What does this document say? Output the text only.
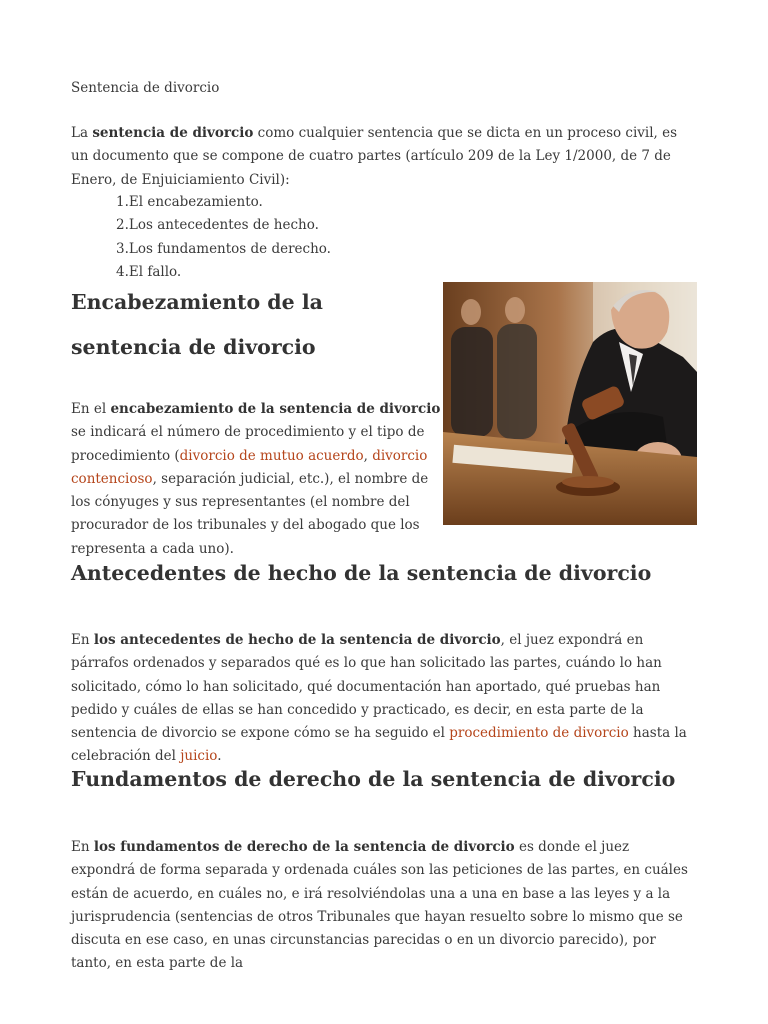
Sentencia de divorcio

La sentencia de divorcio como cualquier sentencia que se dicta en un proceso civil, es un documento que se compone de cuatro partes (artículo 209 de la Ley 1/2000, de 7 de Enero, de Enjuiciamiento Civil):

1.El encabezamiento.
2.Los antecedentes de hecho.
3.Los fundamentos de derecho.
4.El fallo.
Encabezamiento de la sentencia de divorcio

En el encabezamiento de la sentencia de divorcio se indicará el número de procedimiento y el tipo de procedimiento (divorcio de mutuo acuerdo, divorcio contencioso, separación judicial, etc.), el nombre de los cónyuges y sus representantes (el nombre del procurador de los tribunales y del abogado que los representa a cada uno).

Antecedentes de hecho de la sentencia de divorcio

En los antecedentes de hecho de la sentencia de divorcio, el juez expondrá en párrafos ordenados y separados qué es lo que han solicitado las partes, cuándo lo han solicitado, cómo lo han solicitado, qué documentación han aportado, qué pruebas han pedido y cuáles de ellas se han concedido y practicado, es decir, en esta parte de la sentencia de divorcio se expone cómo se ha seguido el procedimiento de divorcio hasta la celebración del juicio.

Fundamentos de derecho de la sentencia de divorcio

En los fundamentos de derecho de la sentencia de divorcio es donde el juez expondrá de forma separada y ordenada cuáles son las peticiones de las partes, en cuáles están de acuerdo, en cuáles no, e irá resolviéndolas una a una en base a las leyes y a la jurisprudencia (sentencias de otros Tribunales que hayan resuelto sobre lo mismo que se discuta en ese caso, en unas circunstancias parecidas o en un divorcio parecido), por tanto, en esta parte de la
